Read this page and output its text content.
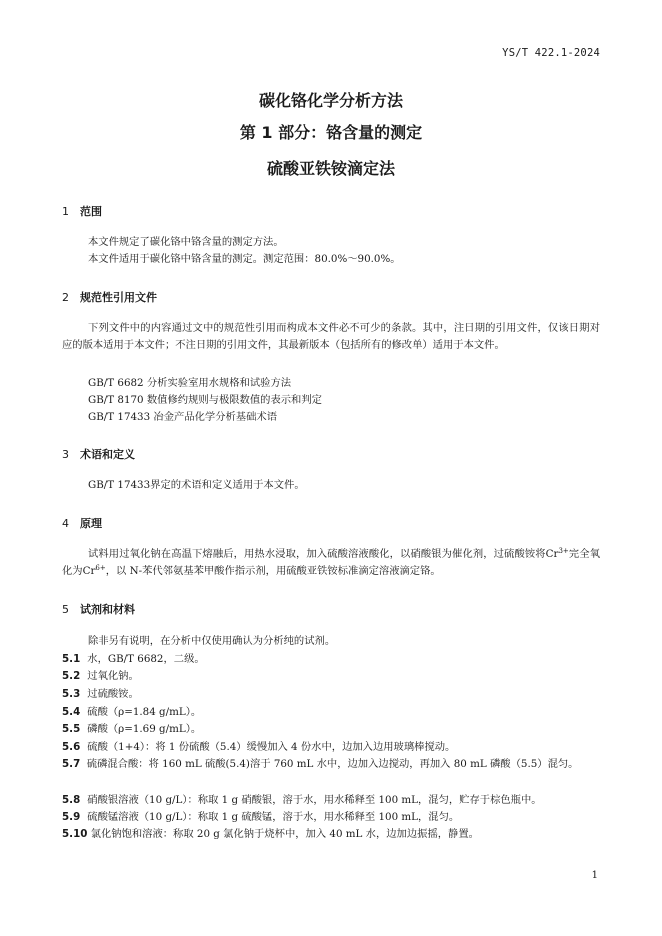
YS/T 422.1-2024
碳化铬化学分析方法
第 1 部分：铬含量的测定
硫酸亚铁铵滴定法
1 范围
本文件规定了碳化铬中铬含量的测定方法。
本文件适用于碳化铬中铬含量的测定。测定范围：80.0%～90.0%。
2 规范性引用文件
下列文件中的内容通过文中的规范性引用而构成本文件必不可少的条款。其中，注日期的引用文件，仅该日期对应的版本适用于本文件；不注日期的引用文件，其最新版本（包括所有的修改单）适用于本文件。
GB/T 6682 分析实验室用水规格和试验方法
GB/T 8170 数值修约规则与极限数值的表示和判定
GB/T 17433 冶金产品化学分析基础术语
3 术语和定义
GB/T 17433界定的术语和定义适用于本文件。
4 原理
试料用过氧化钠在高温下熔融后，用热水浸取，加入硫酸溶液酸化，以硝酸银为催化剂，过硫酸铵将$Cr^{3+}$完全氧化为$Cr^{6+}$，以 N-苯代邻氨基苯甲酸作指示剂，用硫酸亚铁铵标准滴定溶液滴定铬。
5 试剂和材料
除非另有说明，在分析中仅使用确认为分析纯的试剂。
5.1 水，GB/T 6682，二级。
5.2 过氧化钠。
5.3 过硫酸铵。
5.4 硫酸（ρ=1.84 g/mL）。
5.5 磷酸（ρ=1.69 g/mL）。
5.6 硫酸（1+4）：将 1 份硫酸（5.4）缓慢加入 4 份水中，边加入边用玻璃棒搅动。
5.7 硫磷混合酸：将 160 mL 硫酸(5.4)溶于 760 mL 水中，边加入边搅动，再加入 80 mL 磷酸（5.5）混匀。
5.8 硝酸银溶液（10 g/L）：称取 1 g 硝酸银，溶于水，用水稀释至 100 mL，混匀，贮存于棕色瓶中。
5.9 硫酸锰溶液（10 g/L）：称取 1 g 硫酸锰，溶于水，用水稀释至 100 mL，混匀。
5.10 氯化钠饱和溶液：称取 20 g 氯化钠于烧杯中，加入 40 mL 水，边加边振摇，静置。
1
